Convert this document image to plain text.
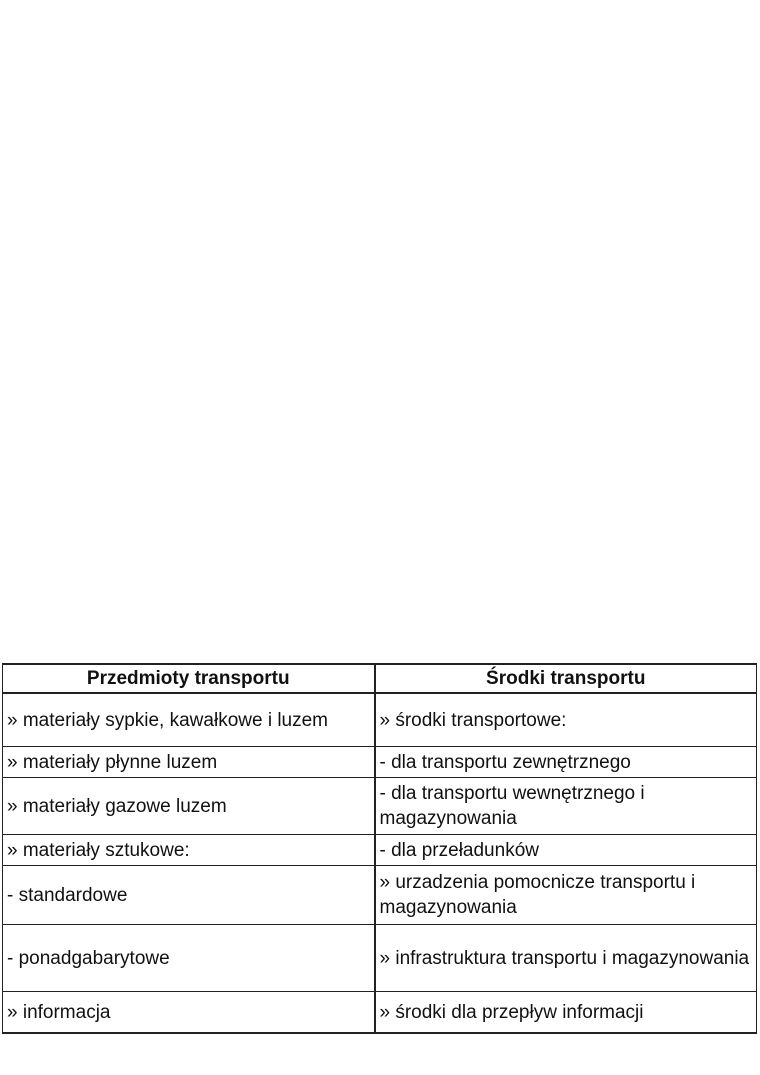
Przedmioty transportu	Środki transportu
» materiały sypkie, kawałkowe i luzem	» środki transportowe:
» materiały płynne luzem	- dla transportu zewnętrznego
» materiały gazowe luzem	- dla transportu wewnętrznego i magazynowania
» materiały sztukowe:	- dla przeładunków
- standardowe	» urzadzenia pomocnicze transportu i magazynowania
- ponadgabarytowe	» infrastruktura transportu i magazynowania
» informacja	» środki dla przepływ informacji
